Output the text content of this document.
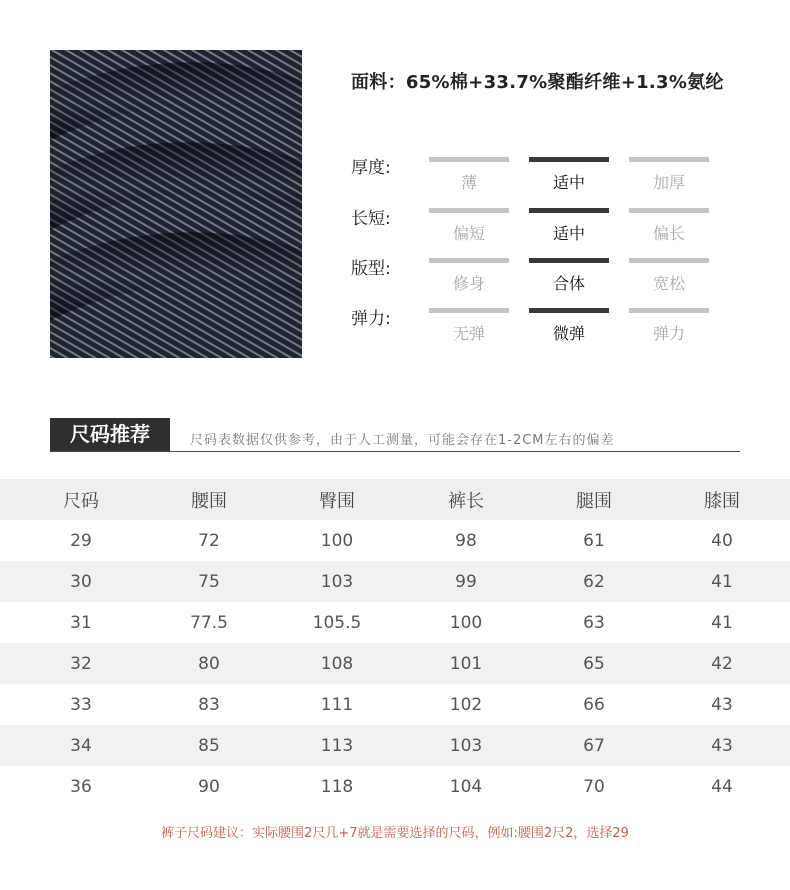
面料：65%棉+33.7%聚酯纤维+1.3%氨纶
厚度:
薄	适中	加厚
长短:
偏短	适中	偏长
版型:
修身	合体	宽松
弹力:
无弹	微弹	弹力
尺码推荐	尺码表数据仅供参考，由于人工测量，可能会存在1-2CM左右的偏差
尺码	腰围	臀围	裤长	腿围	膝围
29	72	100	98	61	40
30	75	103	99	62	41
31	77.5	105.5	100	63	41
32	80	108	101	65	42
33	83	111	102	66	43
34	85	113	103	67	43
36	90	118	104	70	44
裤子尺码建议：实际腰围2尺几+7就是需要选择的尺码，例如:腰围2尺2，选择29
